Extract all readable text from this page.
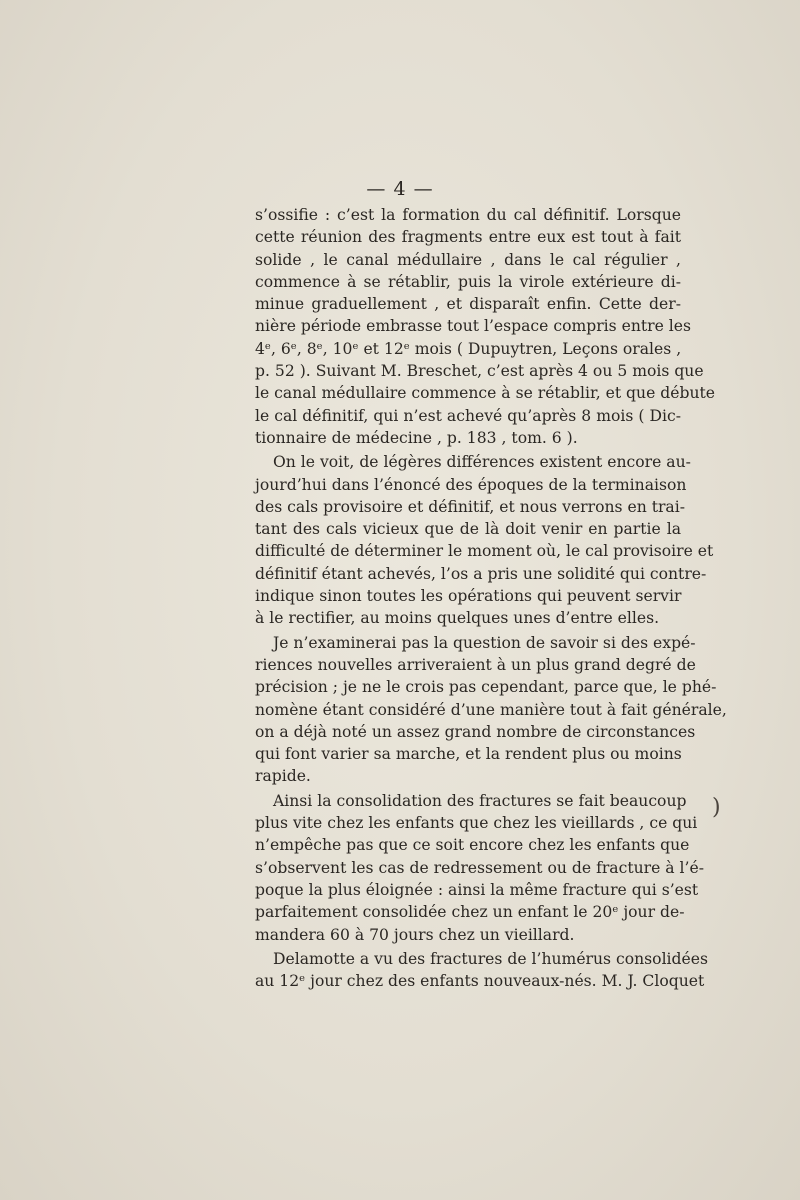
— 4 —
s’ossifie : c’est la formation du cal définitif. Lorsque
cette réunion des fragments entre eux est tout à fait
solide , le canal médullaire , dans le cal régulier ,
commence à se rétablir, puis la virole extérieure di-
minue graduellement , et disparaît enfin. Cette der-
nière période embrasse tout l’espace compris entre les
4ᵉ, 6ᵉ, 8ᵉ, 10ᵉ et 12ᵉ mois ( Dupuytren, Leçons orales ,
p. 52 ). Suivant M. Breschet, c’est après 4 ou 5 mois que
le canal médullaire commence à se rétablir, et que débute
le cal définitif, qui n’est achevé qu’après 8 mois ( Dic-
tionnaire de médecine , p. 183 , tom. 6 ).
On le voit, de légères différences existent encore au-
jourd’hui dans l’énoncé des époques de la terminaison
des cals provisoire et définitif, et nous verrons en trai-
tant des cals vicieux que de là doit venir en partie la
difficulté de déterminer le moment où, le cal provisoire et
définitif étant achevés, l’os a pris une solidité qui contre-
indique sinon toutes les opérations qui peuvent servir
à le rectifier, au moins quelques unes d’entre elles.
Je n’examinerai pas la question de savoir si des expé-
riences nouvelles arriveraient à un plus grand degré de
précision ; je ne le crois pas cependant, parce que, le phé-
nomène étant considéré d’une manière tout à fait générale,
on a déjà noté un assez grand nombre de circonstances
qui font varier sa marche, et la rendent plus ou moins
rapide.
Ainsi la consolidation des fractures se fait beaucoup
plus vite chez les enfants que chez les vieillards , ce qui
n’empêche pas que ce soit encore chez les enfants que
s’observent les cas de redressement ou de fracture à l’é-
poque la plus éloignée : ainsi la même fracture qui s’est
parfaitement consolidée chez un enfant le 20ᵉ jour de-
mandera 60 à 70 jours chez un vieillard.
Delamotte a vu des fractures de l’humérus consolidées
au 12ᵉ jour chez des enfants nouveaux-nés. M. J. Cloquet
)
